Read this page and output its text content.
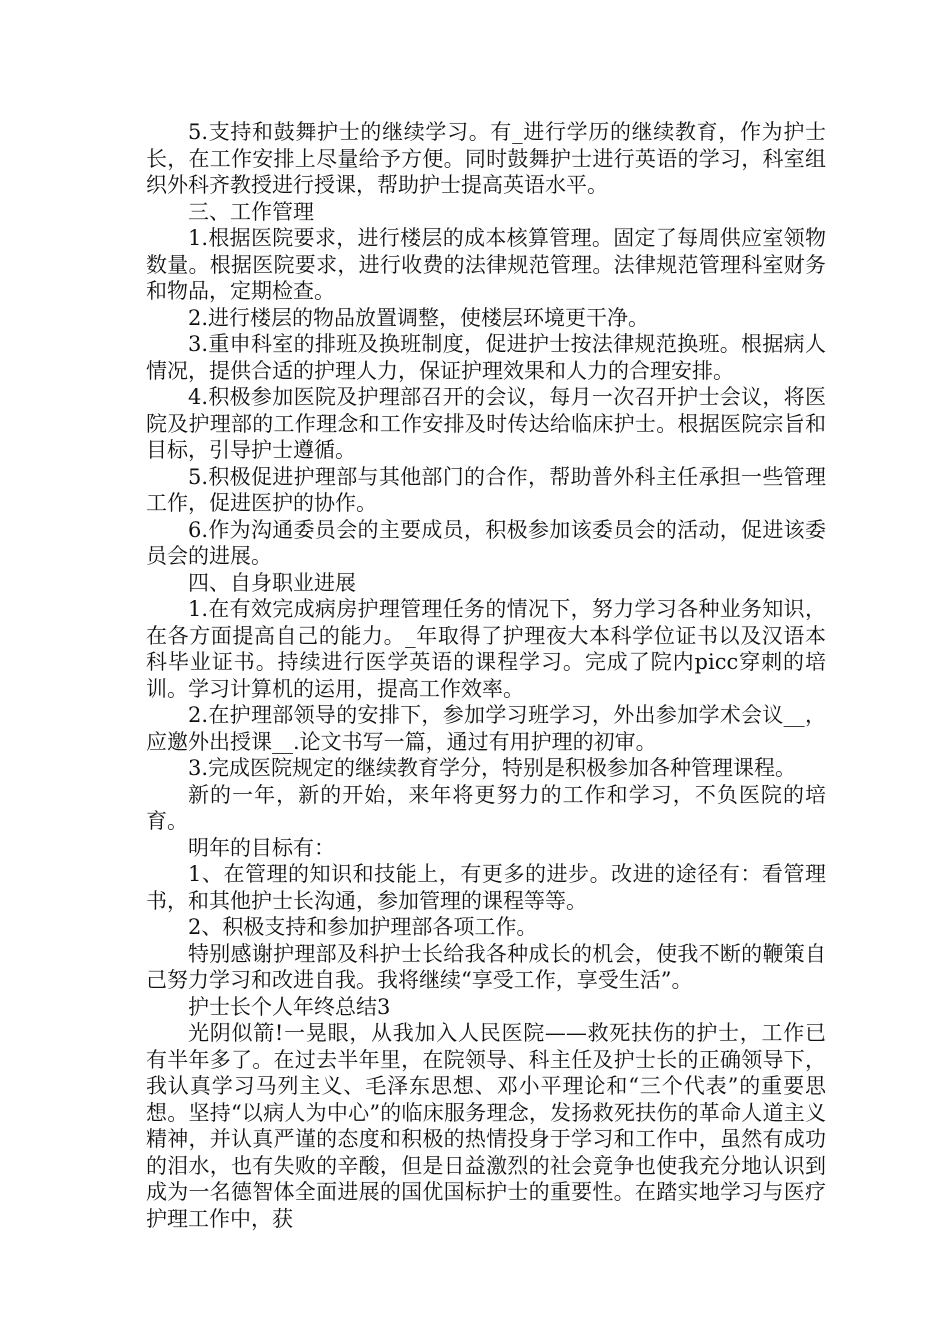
5.支持和鼓舞护士的继续学习。有_进行学历的继续教育，作为护士长，在工作安排上尽量给予方便。同时鼓舞护士进行英语的学习，科室组织外科齐教授进行授课，帮助护士提高英语水平。

三、工作管理

1.根据医院要求，进行楼层的成本核算管理。固定了每周供应室领物数量。根据医院要求，进行收费的法律规范管理。法律规范管理科室财务和物品，定期检查。

2.进行楼层的物品放置调整，使楼层环境更干净。

3.重申科室的排班及换班制度，促进护士按法律规范换班。根据病人情况，提供合适的护理人力，保证护理效果和人力的合理安排。

4.积极参加医院及护理部召开的会议，每月一次召开护士会议，将医院及护理部的工作理念和工作安排及时传达给临床护士。根据医院宗旨和目标，引导护士遵循。

5.积极促进护理部与其他部门的合作，帮助普外科主任承担一些管理工作，促进医护的协作。

6.作为沟通委员会的主要成员，积极参加该委员会的活动，促进该委员会的进展。

四、自身职业进展

1.在有效完成病房护理管理任务的情况下，努力学习各种业务知识，在各方面提高自己的能力。_年取得了护理夜大本科学位证书以及汉语本科毕业证书。持续进行医学英语的课程学习。完成了院内picc穿刺的培训。学习计算机的运用，提高工作效率。

2.在护理部领导的安排下，参加学习班学习，外出参加学术会议__，应邀外出授课__.论文书写一篇，通过有用护理的初审。

3.完成医院规定的继续教育学分，特别是积极参加各种管理课程。

新的一年，新的开始，来年将更努力的工作和学习，不负医院的培育。

明年的目标有：

1、在管理的知识和技能上，有更多的进步。改进的途径有：看管理书，和其他护士长沟通，参加管理的课程等等。

2、积极支持和参加护理部各项工作。

特别感谢护理部及科护士长给我各种成长的机会，使我不断的鞭策自己努力学习和改进自我。我将继续“享受工作，享受生活”。

护士长个人年终总结3

光阴似箭!一晃眼，从我加入人民医院——救死扶伤的护士，工作已有半年多了。在过去半年里，在院领导、科主任及护士长的正确领导下，我认真学习马列主义、毛泽东思想、邓小平理论和“三个代表”的重要思想。坚持“以病人为中心”的临床服务理念，发扬救死扶伤的革命人道主义精神，并认真严谨的态度和积极的热情投身于学习和工作中，虽然有成功的泪水，也有失败的辛酸，但是日益激烈的社会竟争也使我充分地认识到成为一名德智体全面进展的国优国标护士的重要性。在踏实地学习与医疗护理工作中，获
